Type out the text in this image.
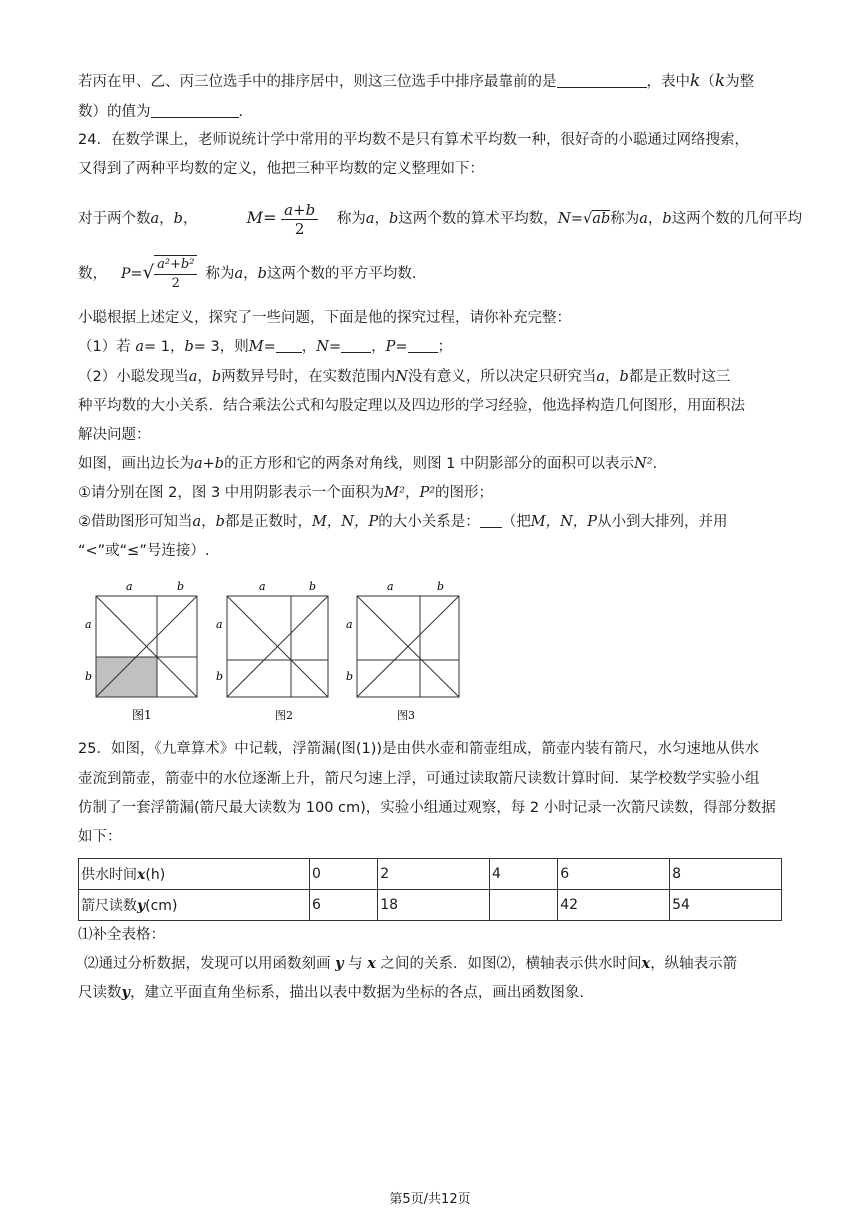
若丙在甲、乙、丙三位选手中的排序居中，则这三位选手中排序最靠前的是	，表中k（k为整
数）的值为	.
24．在数学课上，老师说统计学中常用的平均数不是只有算术平均数一种，很好奇的小聪通过网络搜索，
又得到了两种平均数的定义，他把三种平均数的定义整理如下：
对于两个数a，b，	$M= \frac{a+b}{2}$ 称为a，b这两个数的算术平均数，N=√ab称为a，b这两个数的几何平均
数， $P=√ \frac{\text{a²+b²}}{2}$ 称为a，b这两个数的平方平均数.
小聪根据上述定义，探究了一些问题，下面是他的探究过程，请你补充完整：
（1）若 a= 1，b= 3，则M= ，N= ，P= ；
（2）小聪发现当a，b两数异号时，在实数范围内N没有意义，所以决定只研究当a，b都是正数时这三
种平均数的大小关系．结合乘法公式和勾股定理以及四边形的学习经验，他选择构造几何图形，用面积法
解决问题：
如图，画出边长为a+b的正方形和它的两条对角线，则图 1 中阴影部分的面积可以表示N².
①请分别在图 2，图 3 中用阴影表示一个面积为M²，P²的图形；
②借助图形可知当a，b都是正数时，M，N，P的大小关系是： （把M，N，P从小到大排列，并用
“<”或“≤”号连接）.
a	b
a
b
图1
a	b
a
b
图2
a	b
a
b
图3
25．如图，《九章算术》中记载，浮箭漏(图(1))是由供水壶和箭壶组成，箭壶内装有箭尺，水匀速地从供水
壶流到箭壶，箭壶中的水位逐渐上升，箭尺匀速上浮，可通过读取箭尺读数计算时间．某学校数学实验小组
仿制了一套浮箭漏(箭尺最大读数为 100 cm)，实验小组通过观察，每 2 小时记录一次箭尺读数，得部分数据
如下：
供水时间x(h)	0	2	4	6	8
箭尺读数y(cm)	6	18		42	54
⑴补全表格：
⑵通过分析数据，发现可以用函数刻画 y 与 x 之间的关系．如图⑵，横轴表示供水时间x，纵轴表示箭
尺读数y，建立平面直角坐标系，描出以表中数据为坐标的各点，画出函数图象.
第5页/共12页
